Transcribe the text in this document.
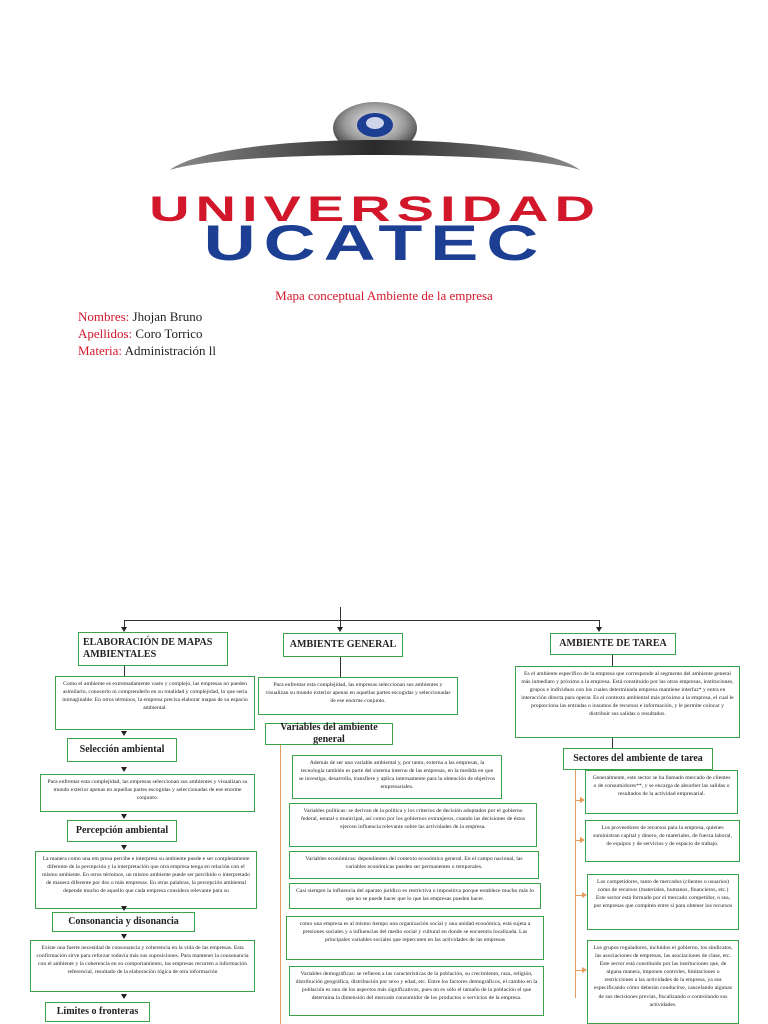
UNIVERSIDAD
UCATEC
Mapa conceptual Ambiente de la empresa
Nombres: Jhojan Bruno
Apellidos: Coro Torrico
Materia: Administración ll
ELABORACIÓN DE MAPAS AMBIENTALES
Como el ambiente es extremadamente vasto y complejo, las empresas no pueden asimilarlo, conocerlo ni comprenderlo en su totalidad y complejidad, lo que sería inimaginable. En otros términos, la empresa precisa elaborar mapas de su espacio ambiental.
Selección ambiental
Para enfrentar esta complejidad, las empresas seleccionan sus ambientes y visualizan su mundo exterior apenas en aquellas partes escogidas y seleccionadas de ese enorme conjunto.
Percepción ambiental
La manera como una em presa percibe e interpreta su ambiente puede e ser completamente diferente de la percepción y la interpretación que otra empresa tenga en relación con el mismo ambiente. En otros términos, un mismo ambiente puede ser percibido o interpretado de manera diferente por dos o más empresas. En otras palabras, la percepción ambiental depende mucho de aquello que cada empresa considera relevante para su
Consonancia y disonancia
Existe una fuerte necesidad de consonancia y coherencia en la vida de las empresas. Esta confirmación sirve para reforzar todavía más sus suposiciones. Para mantener la consonancia con el ambiente y la coherencia en su comportamiento, las empresas recurren a información referencial, resultado de la elaboración lógica de otra información
Límites o fronteras
AMBIENTE GENERAL
Para enfrentar esta complejidad, las empresas seleccionan sus ambientes y visualizan su mundo exterior apenas en aquellas partes escogidas y seleccionadas de ese enorme conjunto.
Variables del ambiente general
Además de ser una variable ambiental y, por tanto, externa a las empresas, la tecnología también es parte del sistema interno de las empresas, en la medida en que se investiga, desarrolla, transfiere y aplica internamente para la obtención de objetivos empresariales.
Variables políticas: se derivan de la política y los criterios de decisión adoptados por el gobierno federal, estatal o municipal, así como por los gobiernos extranjeros, cuando las decisiones de éstos ejercen influencia relevante sobre las actividades de la empresa.
Variables económicas: dependientes del contexto económico general. En el campo nacional, las variables económicas pueden ser permanentes o temporales.
Casi siempre la influencia del aparato jurídico es restrictiva o impositiva porque establece mucho más lo que no se puede hacer que lo que las empresas pueden hacer.
como una empresa es al mismo tiempo una organización social y una unidad económica, está sujeta a presiones sociales y a influencias del medio social y cultural en donde se encuentra localizada. Las principales variables sociales que repercuten en las actividades de las empresas
Variables demográficas: se refieren a las características de la población, su crecimiento, raza, religión, distribución geográfica, distribución por sexo y edad, etc. Entre los factores demográficos, el cambio en la población es uno de los aspectos más significativos, pues no es sólo el tamaño de la población el que determina la dimensión del mercado consumidor de los productos o servicios de la empresa.
AMBIENTE DE TAREA
Es el ambiente específico de la empresa que corresponde al segmento del ambiente general más inmediato y próximo a la empresa. Está constituido por las otras empresas, instituciones, grupos e individuos con los cuales determinada empresa mantiene interfaz* y entra en interacción directa para operar. Es el contexto ambiental más próximo a la empresa, el cual le proporciona las entradas o insumos de recursos e información, y le permite colocar y distribuir sus salidas o resultados.
Sectores del ambiente de tarea
Generalmente, este sector se ha llamado mercado de clientes o de consumidores**, y se encarga de absorber las salidas o resultados de la actividad empresarial.
Los proveedores de recursos para la empresa, quienes suministran capital y dinero, de materiales, de fuerza laboral, de equipos y de servicios y de espacio de trabajo.
Los competidores, tanto de mercados (clientes o usuarios) como de recursos (materiales, humanos, financieros, etc.) Este sector está formado por el mercado competidor, o sea, por empresas que compiten entre sí para obtener los recursos
Los grupos reguladores, incluidos el gobierno, los sindicatos, las asociaciones de empresas, las asociaciones de clase, etc. Este sector está constituido por las instituciones que, de alguna manera, imponen controles, limitaciones o restricciones a las actividades de la empresa, ya sea especificando cómo deberán conducirse, cancelando algunas de sus decisiones previas, fiscalizando o controlando sus actividades.
